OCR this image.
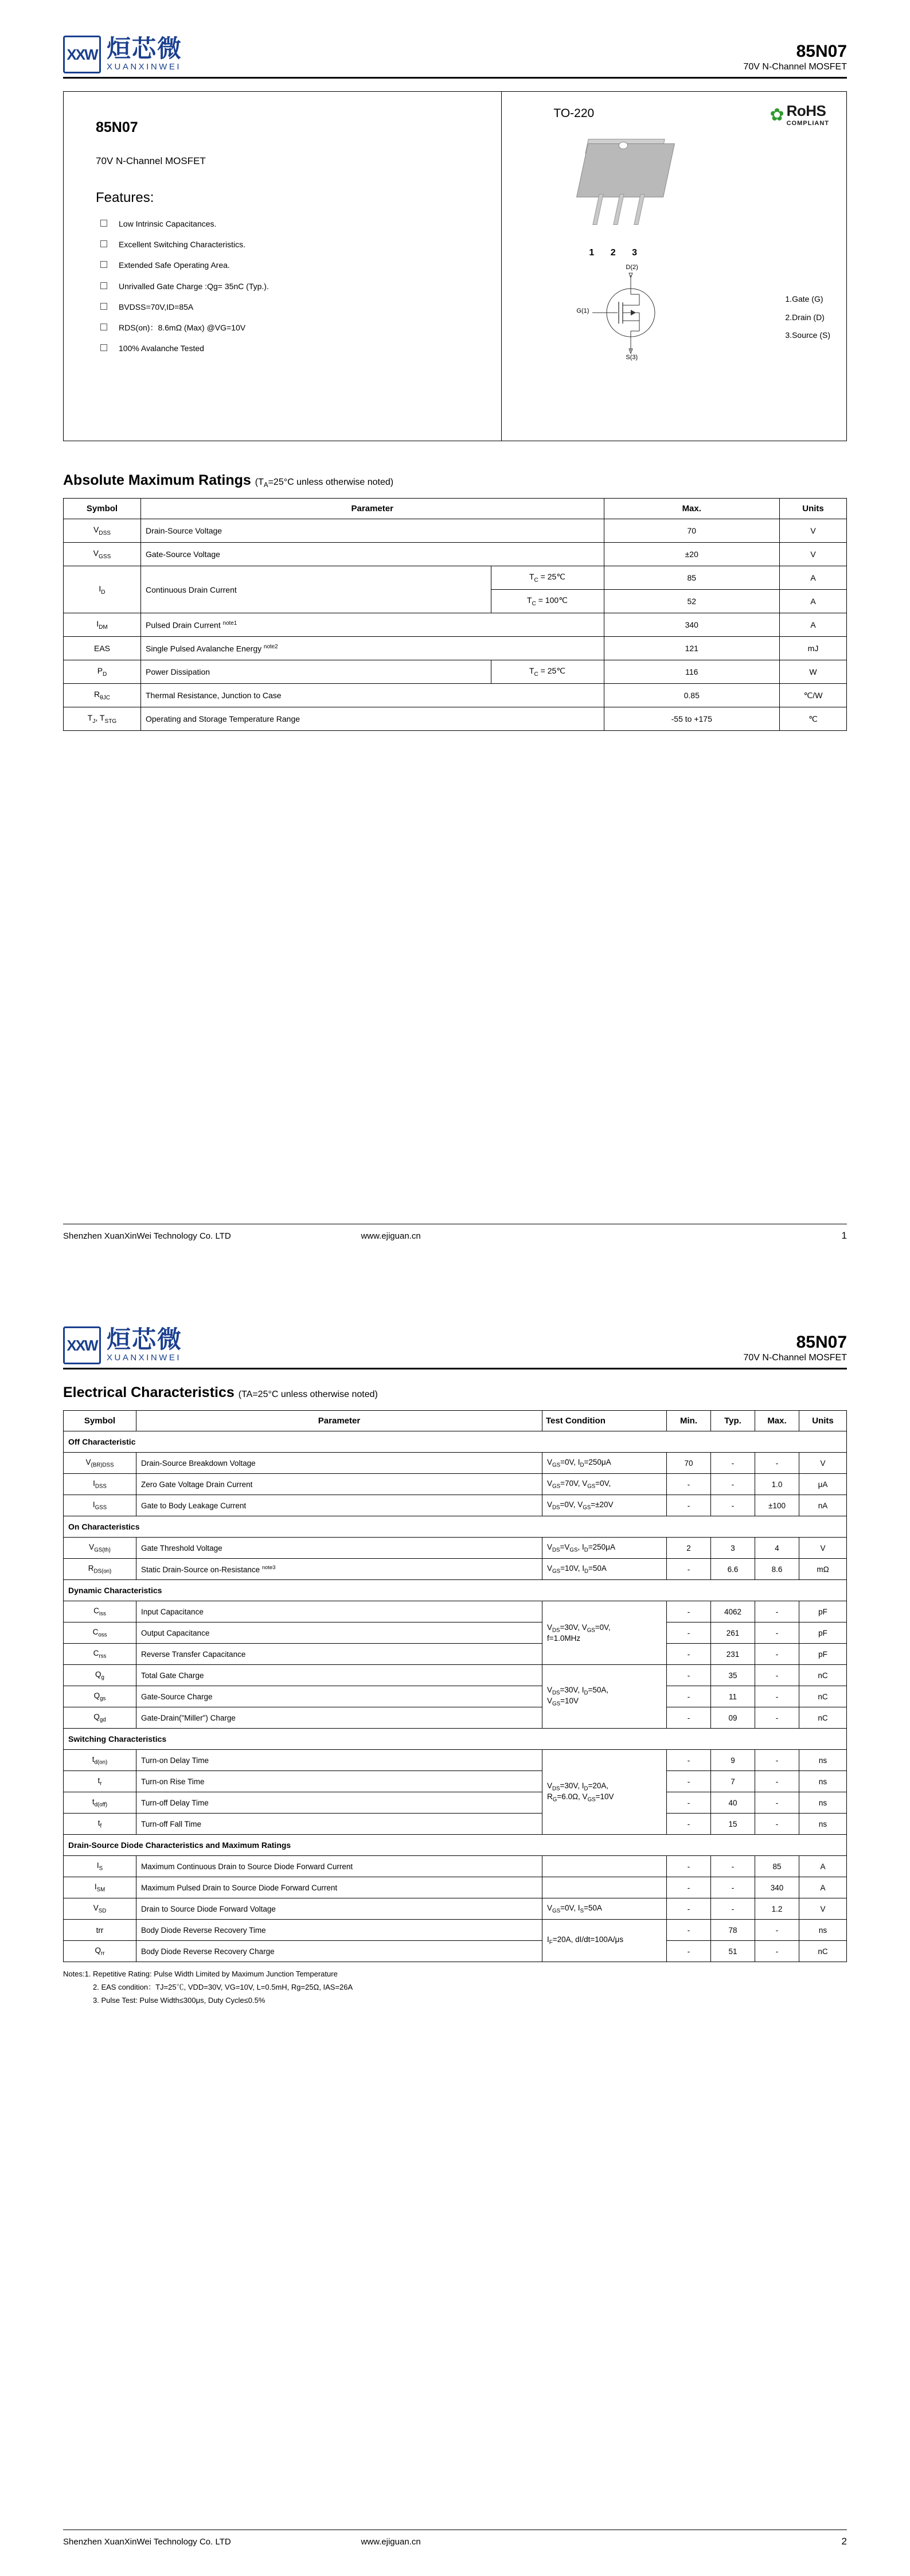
XXW 烜芯微
XUANXINWEI
85N07
70V N-Channel MOSFET
85N07
70V N-Channel MOSFET
Features:
Low Intrinsic Capacitances.
Excellent Switching Characteristics.
Extended Safe Operating Area.
Unrivalled Gate Charge :Qg= 35nC (Typ.).
BVDSS=70V,ID=85A
RDS(on)：8.6mΩ (Max) @VG=10V
100% Avalanche Tested
TO-220	✿ RoHS
COMPLIANT
1 2 3
D(2)
G(1)
S(3)
1.Gate (G)
2.Drain (D)
3.Source (S)
Absolute Maximum Ratings ($T_A=25^\circ C$ unless otherwise noted)
Symbol	Parameter		Max.	Units
$V_{DSS}$	Drain-Source Voltage		70	V
$V_{GSS}$	Gate-Source Voltage		±20	V
$I_D$	Continuous Drain Current	$T_C$ = 25℃	85	A
		$T_C$ = 100℃	52	A
$I_{DM}$	Pulsed Drain Current $^{note1}$		340	A
EAS	Single Pulsed Avalanche Energy $^{note2}$		121	mJ
$P_D$	Power Dissipation	$T_C$ = 25℃	116	W
$R_{\theta JC}$	Thermal Resistance, Junction to Case		0.85	℃/W
$T_J$, $T_{STG}$	Operating and Storage Temperature Range		-55 to +175	℃
Shenzhen XuanXinWei Technology Co. LTD	www.ejiguan.cn	1
XXW 烜芯微
XUANXINWEI
85N07
70V N-Channel MOSFET
Electrical Characteristics (TA=25°C unless otherwise noted)
Symbol	Parameter	Test Condition	Min.	Typ.	Max.	Units
Off Characteristic						
$V_{(BR)DSS}$	Drain-Source Breakdown Voltage	$V_{GS}=0V$, $I_D=250\mu A$	70	-	-	V
$I_{DSS}$	Zero Gate Voltage Drain Current	$V_{GS}=70V$, $V_{GS}=0V$,	-	-	1.0	μA
$I_{GSS}$	Gate to Body Leakage Current	$V_{DS}=0V$, $V_{GS}=\pm 20V$	-	-	±100	nA
On Characteristics						
$V_{GS(th)}$	Gate Threshold Voltage	$V_{DS}=V_{GS}$, $I_D=250\mu A$	2	3	4	V
$R_{DS(on)}$	Static Drain-Source on-Resistance $^{note3}$	$V_{GS}=10V$, $I_D=50A$	-	6.6	8.6	mΩ
Dynamic Characteristics						
$C_{iss}$	Input Capacitance	$V_{DS}=30V$, $V_{GS}=0V$,
f=1.0MHz	-	4062	-	pF
$C_{oss}$	Output Capacitance		-	261	-	pF
$C_{rss}$	Reverse Transfer Capacitance		-	231	-	pF
$Q_g$	Total Gate Charge	$V_{DS}=30V$, $I_D=50A$,
$V_{GS}=10V$	-	35	-	nC
$Q_{gs}$	Gate-Source Charge		-	11	-	nC
$Q_{gd}$	Gate-Drain("Miller") Charge		-	09	-	nC
Switching Characteristics						
$t_{d(on)}$	Turn-on Delay Time	$V_{DS}=30V$, $I_D=20A$,
$R_G=6.0\Omega$, $V_{GS}=10V$	-	9	-	ns
$t_r$	Turn-on Rise Time		-	7	-	ns
$t_{d(off)}$	Turn-off Delay Time		-	40	-	ns
$t_f$	Turn-off Fall Time		-	15	-	ns
Drain-Source Diode Characteristics and Maximum Ratings						
$I_S$	Maximum Continuous Drain to Source Diode Forward Current		-	-	85	A
$I_{SM}$	Maximum Pulsed Drain to Source Diode Forward Current		-	-	340	A
$V_{SD}$	Drain to Source Diode Forward Voltage	$V_{GS}=0V$, $I_S=50A$	-	-	1.2	V
trr	Body Diode Reverse Recovery Time	$I_F=20A$, dI/dt=100A/μs	-	78	-	ns
$Q_{rr}$	Body Diode Reverse Recovery Charge		-	51	-	nC
Notes:1. Repetitive Rating: Pulse Width Limited by Maximum Junction Temperature
2. EAS condition：TJ=25℃, VDD=30V, VG=10V, L=0.5mH, Rg=25Ω, IAS=26A
3. Pulse Test: Pulse Width≤300μs, Duty Cycle≤0.5%
Shenzhen XuanXinWei Technology Co. LTD	www.ejiguan.cn	2
